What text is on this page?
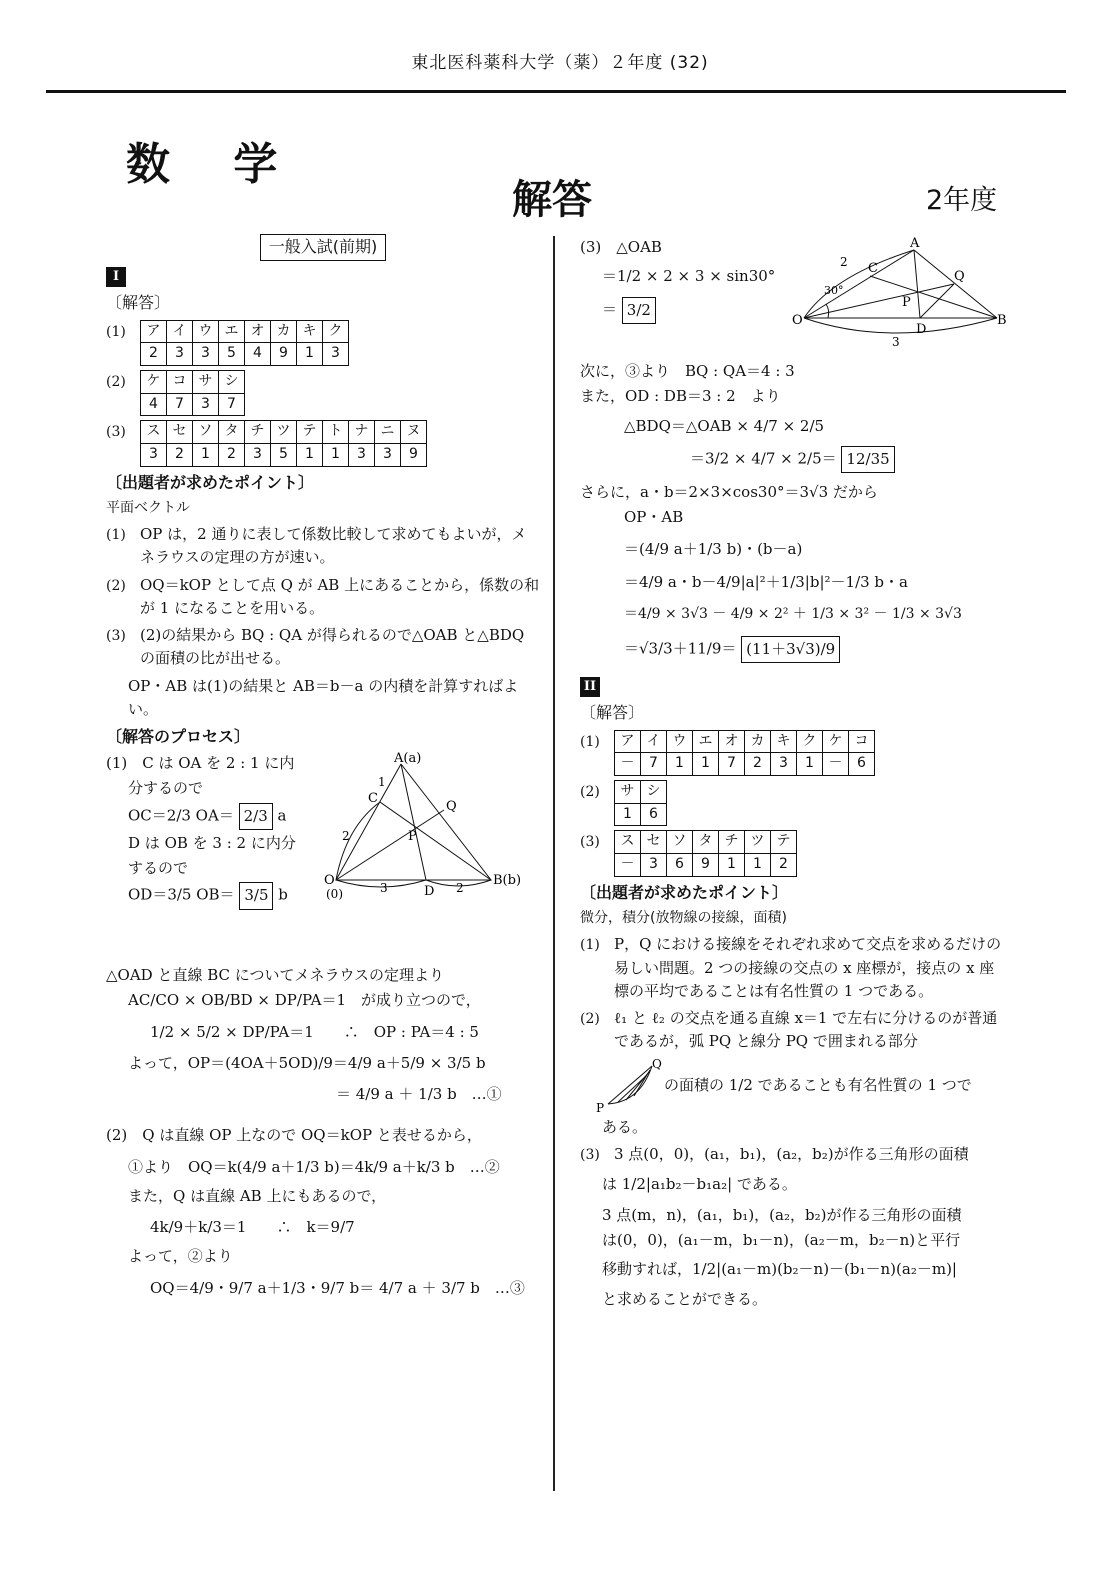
東北医科薬科大学（薬）２年度 (32)
数 学
解答	2年度
一般入試(前期)
I
〔解答〕
(1)	ア	イ	ウ	エ	オ	カ	キ	ク
2	3	3	5	4	9	1	3
(2)	ケ	コ	サ	シ
4	7	3	7
(3)	ス	セ	ソ	タ	チ	ツ	テ	ト	ナ	ニ	ヌ
3	2	1	2	3	5	1	1	3	3	9
〔出題者が求めたポイント〕
平面ベクトル
(1) OP は，2 通りに表して係数比較して求めてもよいが，メネラウスの定理の方が速い。
(2) OQ＝kOP として点 Q が AB 上にあることから，係数の和が 1 になることを用いる。
(3) (2)の結果から BQ : QA が得られるので△OAB と△BDQ の面積の比が出せる。
OP・AB は(1)の結果と AB＝b－a の内積を計算すればよい。
〔解答のプロセス〕
(1)　C は OA を 2 : 1 に内
分するので
OC＝2/3 OA＝ 2/3 a
D は OB を 3 : 2 に内分
するので
OD＝3/5 OB＝ 3/5 b
A(a)
O
(0)
B(b)
C
D
P
Q
1
2
3	2
△OAD と直線 BC についてメネラウスの定理より
AC/CO × OB/BD × DP/PA＝1　が成り立つので，
1/2 × 5/2 × DP/PA＝1　　∴　OP : PA＝4 : 5
よって，OP＝(4OA＋5OD)/9＝4/9 a＋5/9 × 3/5 b
＝ 4/9 a ＋ 1/3 b　…①
(2)　Q は直線 OP 上なので OQ＝kOP と表せるから，
①より　OQ＝k(4/9 a＋1/3 b)＝4k/9 a＋k/3 b　…②
また，Q は直線 AB 上にもあるので，
4k/9＋k/3＝1　　∴　k＝9/7
よって，②より
OQ＝4/9・9/7 a＋1/3・9/7 b＝ 4/7 a ＋ 3/7 b　…③
(3)　△OAB
＝1/2 × 2 × 3 × sin30°
＝ 3/2
A
O	B
C
D
P
Q
2
3
30°
次に，③より　BQ : QA＝4 : 3
また，OD : DB＝3 : 2　より
△BDQ＝△OAB × 4/7 × 2/5
＝3/2 × 4/7 × 2/5＝ 12/35
さらに，a・b＝2×3×cos30°＝3√3 だから
OP・AB
＝(4/9 a＋1/3 b)・(b－a)
＝4/9 a・b－4/9|a|²＋1/3|b|²－1/3 b・a
＝4/9 × 3√3 － 4/9 × 2² ＋ 1/3 × 3² － 1/3 × 3√3
＝√3/3＋11/9＝ (11＋3√3)/9
II
〔解答〕
(1)	ア	イ	ウ	エ	オ	カ	キ	ク	ケ	コ
－	7	1	1	7	2	3	1	－	6
(2)	サ	シ
1	6
(3)	ス	セ	ソ	タ	チ	ツ	テ
－	3	6	9	1	1	2
〔出題者が求めたポイント〕
微分，積分(放物線の接線，面積)
(1) P，Q における接線をそれぞれ求めて交点を求めるだけの易しい問題。2 つの接線の交点の x 座標が，接点の x 座標の平均であることは有名性質の 1 つである。
(2) ℓ₁ と ℓ₂ の交点を通る直線 x＝1 で左右に分けるのが普通であるが，弧 PQ と線分 PQ で囲まれる部分
P
Q
の面積の 1/2 であることも有名性質の 1 つで
ある。
(3) 3 点(0，0)，(a₁，b₁)，(a₂，b₂)が作る三角形の面積
は 1/2|a₁b₂－b₁a₂| である。
3 点(m，n)，(a₁，b₁)，(a₂，b₂)が作る三角形の面積
は(0，0)，(a₁－m，b₁－n)，(a₂－m，b₂－n)と平行
移動すれば，1/2|(a₁－m)(b₂－n)－(b₁－n)(a₂－m)|
と求めることができる。
